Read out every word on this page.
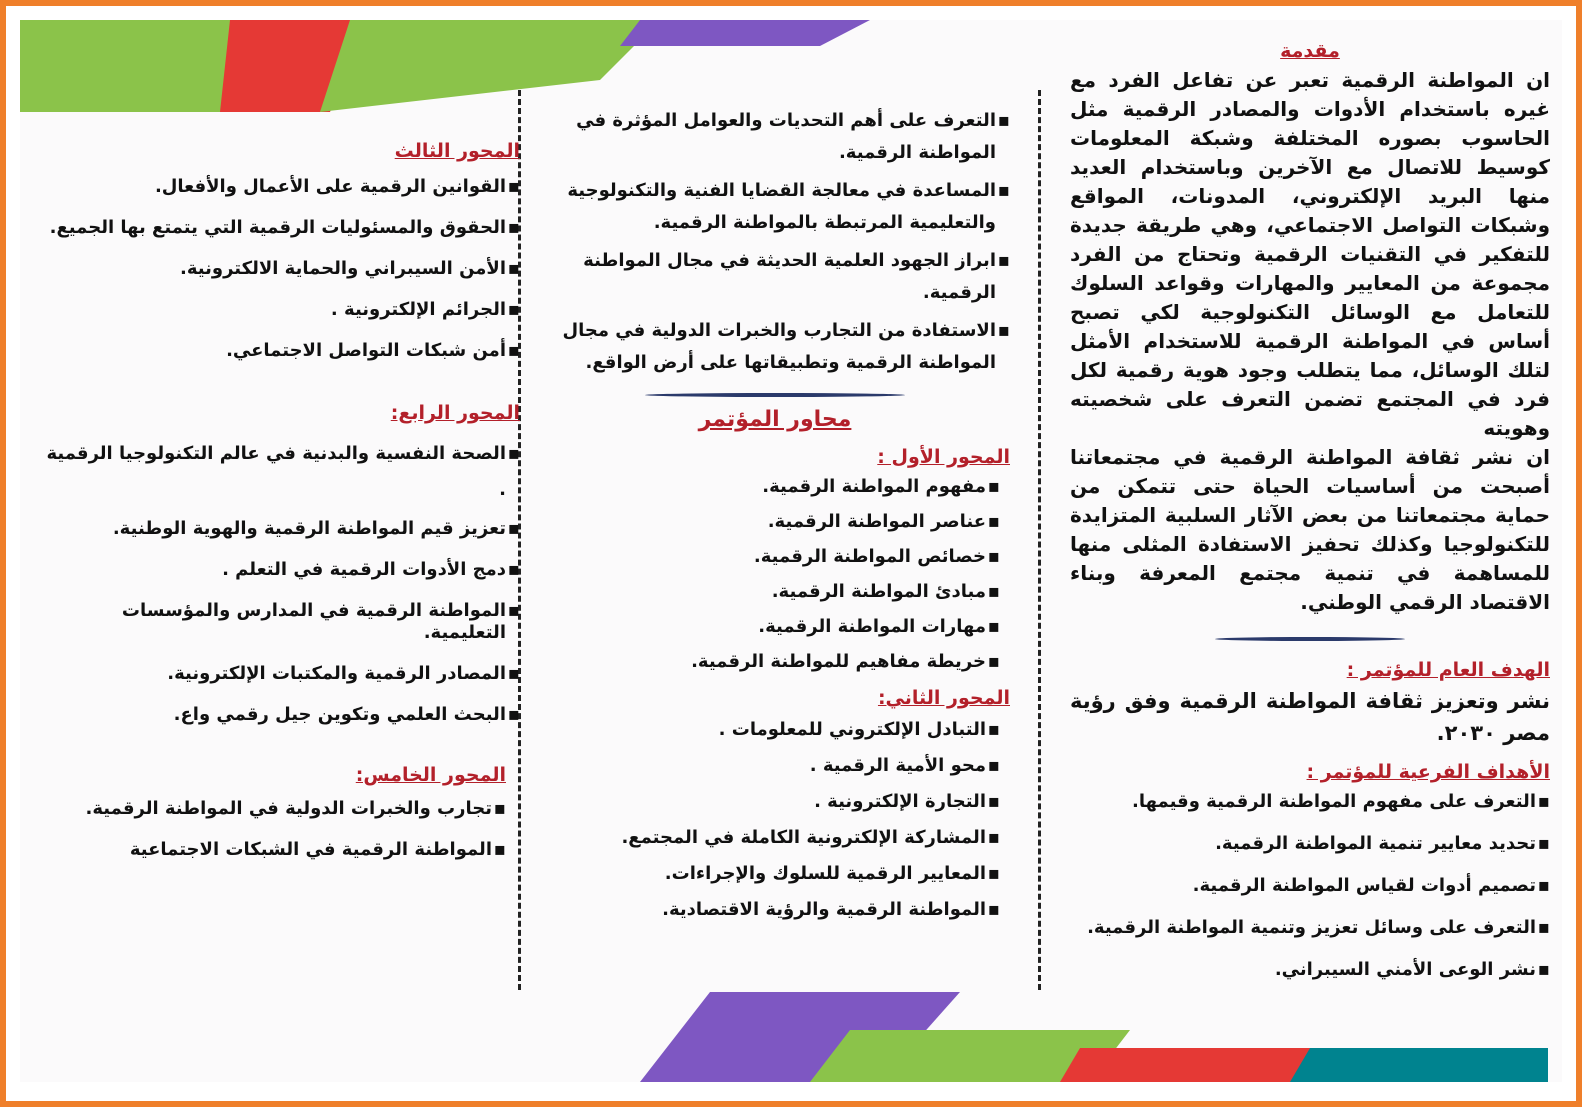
مقدمة

ان المواطنة الرقمية تعبر عن تفاعل الفرد مع غيره باستخدام الأدوات والمصادر الرقمية مثل الحاسوب بصوره المختلفة وشبكة المعلومات كوسيط للاتصال مع الآخرين وباستخدام العديد منها البريد الإلكتروني، المدونات، المواقع وشبكات التواصل الاجتماعي، وهي طريقة جديدة للتفكير في التقنيات الرقمية وتحتاج من الفرد مجموعة من المعايير والمهارات وقواعد السلوك للتعامل مع الوسائل التكنولوجية لكي تصبح أساس في المواطنة الرقمية للاستخدام الأمثل لتلك الوسائل، مما يتطلب وجود هوية رقمية لكل فرد في المجتمع تضمن التعرف على شخصيته وهويته

ان نشر ثقافة المواطنة الرقمية في مجتمعاتنا أصبحت من أساسيات الحياة حتى تتمكن من حماية مجتمعاتنا من بعض الآثار السلبية المتزايدة للتكنولوجيا وكذلك تحفيز الاستفادة المثلى منها للمساهمة في تنمية مجتمع المعرفة وبناء الاقتصاد الرقمي الوطني.

الهدف العام للمؤتمر :

نشر وتعزيز ثقافة المواطنة الرقمية وفق رؤية مصر ٢٠٣٠.

الأهداف الفرعية للمؤتمر :
▪ التعرف على مفهوم المواطنة الرقمية وقيمها.
▪ تحديد معايير تنمية المواطنة الرقمية.
▪ تصميم أدوات لقياس المواطنة الرقمية.
▪ التعرف على وسائل تعزيز وتنمية المواطنة الرقمية.
▪ نشر الوعى الأمني السيبراني.
▪ التعرف على أهم التحديات والعوامل المؤثرة في المواطنة الرقمية.
▪ المساعدة في معالجة القضايا الفنية والتكنولوجية والتعليمية المرتبطة بالمواطنة الرقمية.
▪ ابراز الجهود العلمية الحديثة في مجال المواطنة الرقمية.
▪ الاستفادة من التجارب والخبرات الدولية في مجال المواطنة الرقمية وتطبيقاتها على أرض الواقع.
محاور المؤتمر
المحور الأول :
▪ مفهوم المواطنة الرقمية.
▪ عناصر المواطنة الرقمية.
▪ خصائص المواطنة الرقمية.
▪ مبادئ المواطنة الرقمية.
▪ مهارات المواطنة الرقمية.
▪ خريطة مفاهيم للمواطنة الرقمية.
المحور الثاني:
▪ التبادل الإلكتروني للمعلومات .
▪ محو الأمية الرقمية .
▪ التجارة الإلكترونية .
▪ المشاركة الإلكترونية الكاملة في المجتمع.
▪ المعايير الرقمية للسلوك والإجراءات.
▪ المواطنة الرقمية والرؤية الاقتصادية.
المحور الثالث
▪ القوانين الرقمية على الأعمال والأفعال.
▪ الحقوق والمسئوليات الرقمية التي يتمتع بها الجميع.
▪ الأمن السيبراني والحماية الالكترونية.
▪ الجرائم الإلكترونية .
▪ أمن شبكات التواصل الاجتماعي.
المحور الرابع:
▪ الصحة النفسية والبدنية في عالم التكنولوجيا الرقمية .
▪ تعزيز قيم المواطنة الرقمية والهوية الوطنية.
▪ دمج الأدوات الرقمية في التعلم .
▪ المواطنة الرقمية في المدارس والمؤسسات التعليمية.
▪ المصادر الرقمية والمكتبات الإلكترونية.
▪ البحث العلمي وتكوين جيل رقمي واع.
المحور الخامس:
▪ تجارب والخبرات الدولية في المواطنة الرقمية.
▪ المواطنة الرقمية في الشبكات الاجتماعية
